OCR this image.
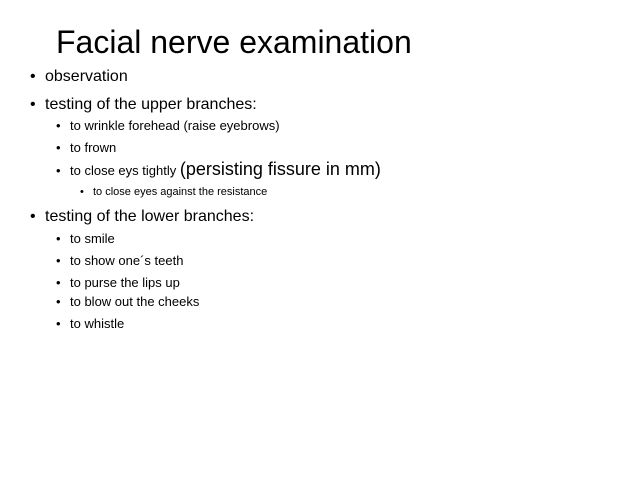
Facial nerve examination
• observation
• testing of the upper branches:
• to wrinkle forehead (raise eyebrows)
• to frown
• to close eys tightly (persisting fissure in mm)
• to close eyes against the resistance
• testing of the lower branches:
• to smile
• to show one´s teeth
• to purse the lips up
• to blow out the cheeks
• to whistle
